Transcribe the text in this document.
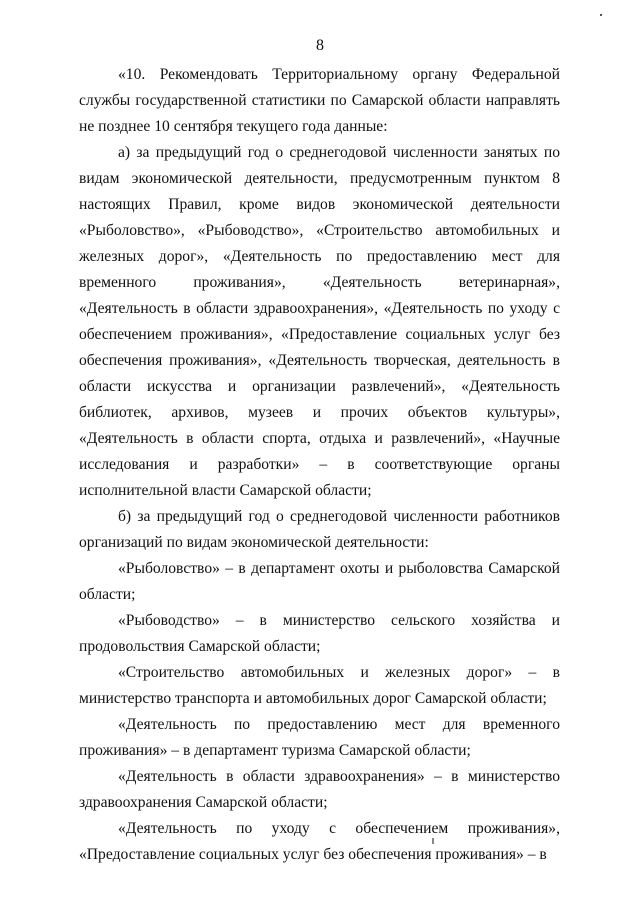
8

«10. Рекомендовать Территориальному органу Федеральной службы государственной статистики по Самарской области направлять не позднее 10 сентября текущего года данные:

а) за предыдущий год о среднегодовой численности занятых по видам экономической деятельности, предусмотренным пунктом 8 настоящих Правил, кроме видов экономической деятельности «Рыболовство», «Рыбоводство», «Строительство автомобильных и железных дорог», «Деятельность по предоставлению мест для временного проживания», «Деятельность ветеринарная», «Деятельность в области здравоохранения», «Деятельность по уходу с обеспечением проживания», «Предоставление социальных услуг без обеспечения проживания», «Деятельность творческая, деятельность в области искусства и организации развлечений», «Деятельность библиотек, архивов, музеев и прочих объектов культуры», «Деятельность в области спорта, отдыха и развлечений», «Научные исследования и разработки» – в соответствующие органы исполнительной власти Самарской области;

б) за предыдущий год о среднегодовой численности работников организаций по видам экономической деятельности:

«Рыболовство» – в департамент охоты и рыболовства Самарской области;

«Рыбоводство» – в министерство сельского хозяйства и продовольствия Самарской области;

«Строительство автомобильных и железных дорог» – в министерство транспорта и автомобильных дорог Самарской области;

«Деятельность по предоставлению мест для временного проживания» – в департамент туризма Самарской области;

«Деятельность в области здравоохранения» – в министерство здравоохранения Самарской области;

«Деятельность по уходу с обеспечением проживания», «Предоставление социальных услуг без обеспечения проживания» – в
